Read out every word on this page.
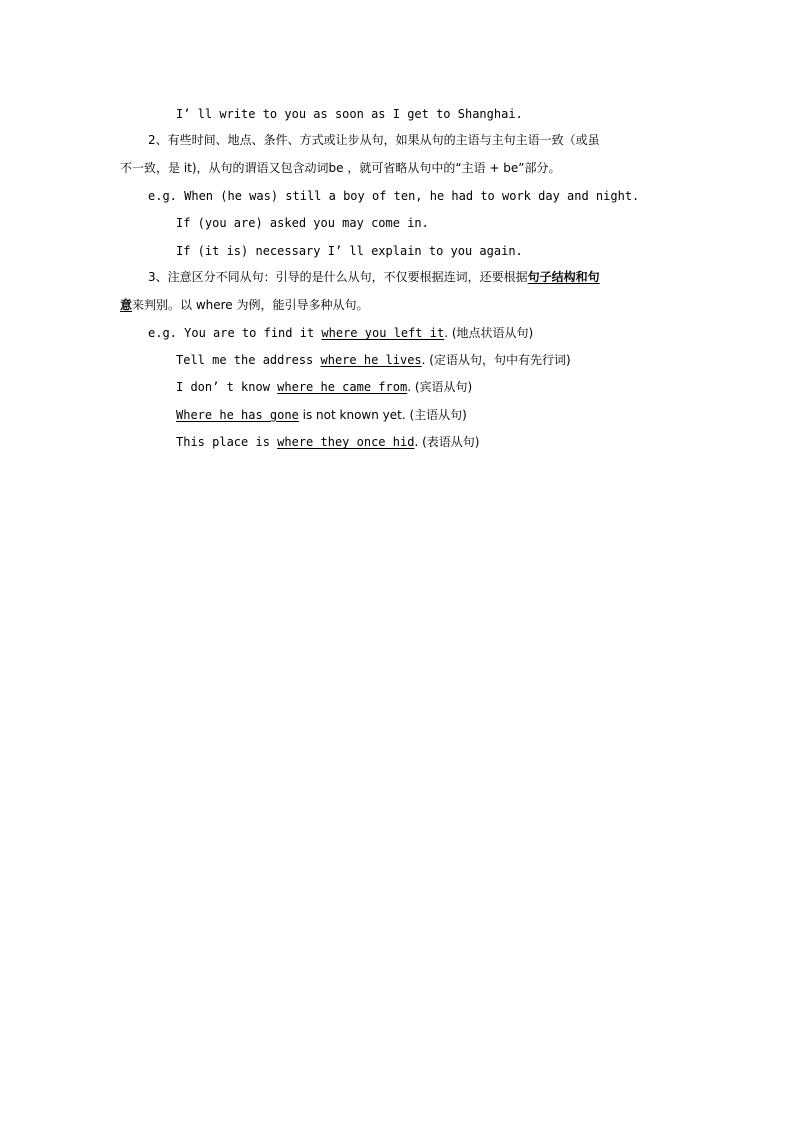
I’ ll write to you as soon as I get to Shanghai.
2、有些时间、地点、条件、方式或让步从句，如果从句的主语与主句主语一致（或虽
不一致，是 it)，从句的谓语又包含动词be ，就可省略从句中的“主语 + be”部分。
e.g. When (he was) still a boy of ten, he had to work day and night.
If (you are) asked you may come in.
If (it is) necessary I’ ll explain to you again.
3、注意区分不同从句：引导的是什么从句，不仅要根据连词，还要根据句子结构和句
意来判别。以 where 为例，能引导多种从句。
e.g. You are to find it where you left it. (地点状语从句)
Tell me the address where he lives. (定语从句，句中有先行词)
I don’ t know where he came from. (宾语从句)
Where he has gone is not known yet. (主语从句)
This place is where they once hid. (表语从句)
